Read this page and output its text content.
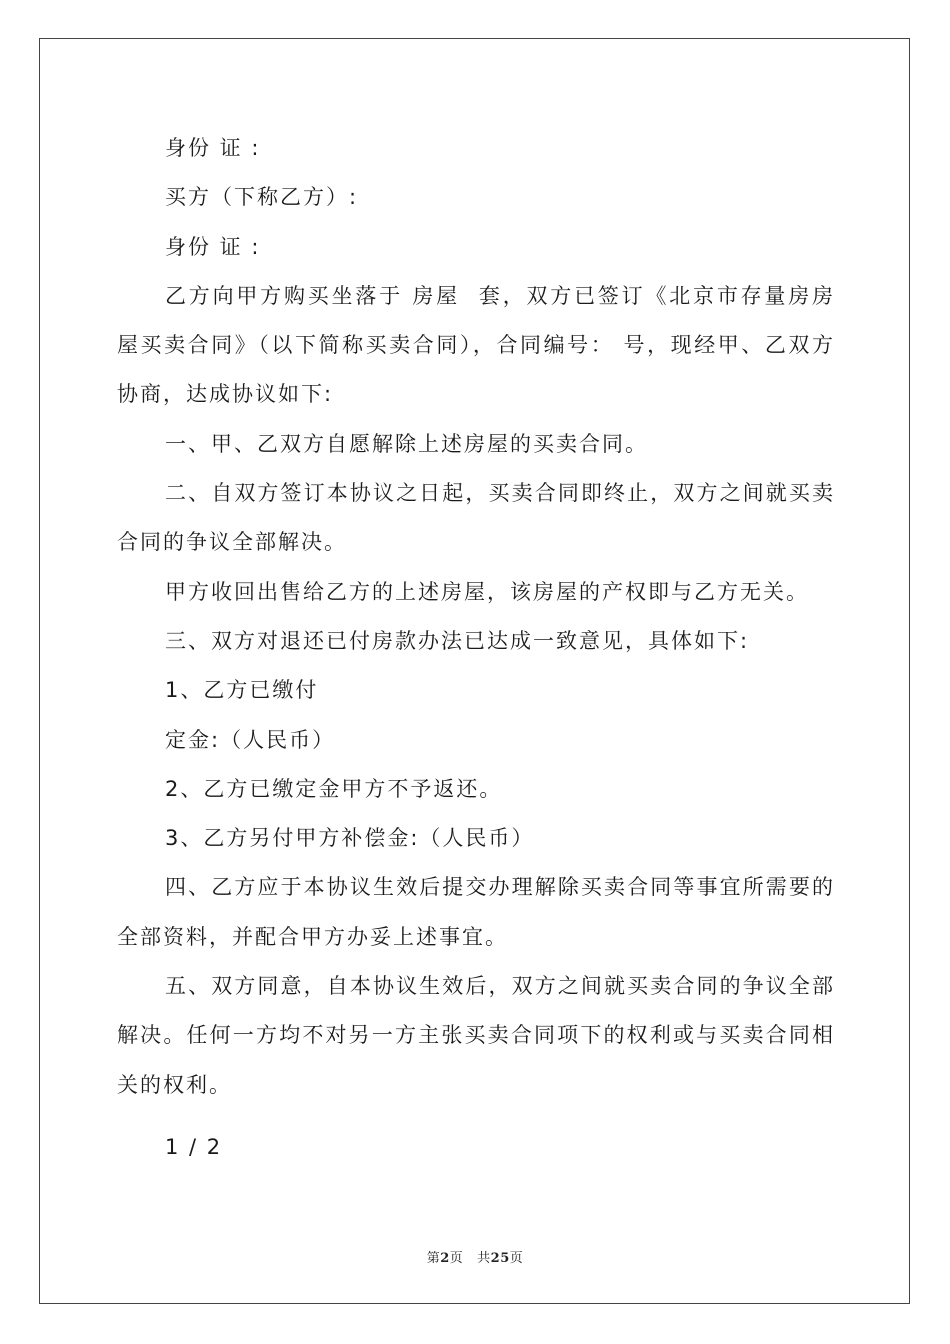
身份 证 :

买方（下称乙方）:

身份 证 :

乙方向甲方购买坐落于 房屋  套，双方已签订《北京市存量房房屋买卖合同》（以下简称买卖合同），合同编号： 号，现经甲、乙双方协商，达成协议如下:

一、甲、乙双方自愿解除上述房屋的买卖合同。

二、自双方签订本协议之日起，买卖合同即终止，双方之间就买卖合同的争议全部解决。

甲方收回出售给乙方的上述房屋，该房屋的产权即与乙方无关。

三、双方对退还已付房款办法已达成一致意见，具体如下:

1、乙方已缴付

定金:（人民币）

2、乙方已缴定金甲方不予返还。

3、乙方另付甲方补偿金:（人民币）

四、乙方应于本协议生效后提交办理解除买卖合同等事宜所需要的全部资料，并配合甲方办妥上述事宜。

五、双方同意，自本协议生效后，双方之间就买卖合同的争议全部解决。任何一方均不对另一方主张买卖合同项下的权利或与买卖合同相关的权利。

1 / 2

第2页   共25页
